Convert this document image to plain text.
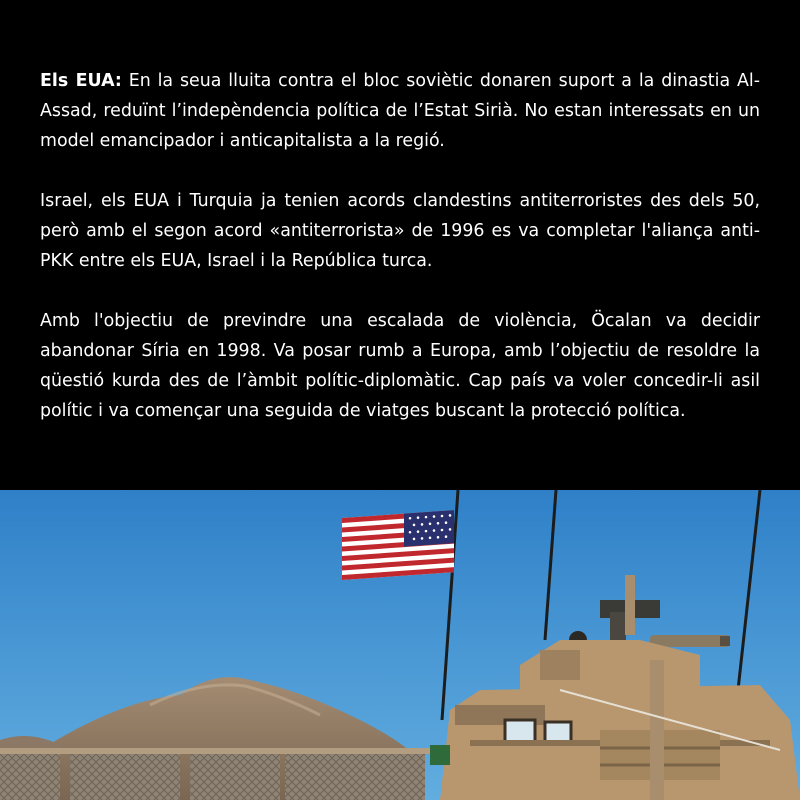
Els EUA: En la seua lluita contra el bloc soviètic donaren suport a la dinastia Al-Assad, reduïnt l’indepèndencia política de l’Estat Sirià. No estan interessats en un model emancipador i anticapitalista a la regió.

Israel, els EUA i Turquia ja tenien acords clandestins antiterroristes des dels 50, però amb el segon acord «antiterrorista» de 1996 es va completar l'aliança anti-PKK entre els EUA, Israel i la República turca.

Amb l'objectiu de previndre una escalada de violència, Öcalan va decidir abandonar Síria en 1998. Va posar rumb a Europa, amb l’objectiu de resoldre la qüestió kurda des de l’àmbit polític-diplomàtic. Cap país va voler concedir-li asil polític i va començar una seguida de viatges buscant la protecció política.
